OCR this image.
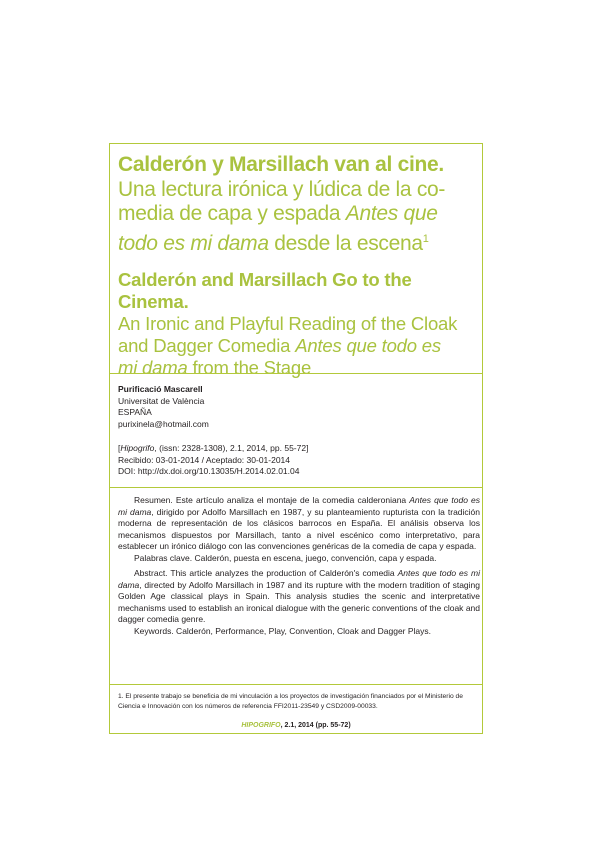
Calderón y Marsillach van al cine.
Una lectura irónica y lúdica de la co-
media de capa y espada Antes que
todo es mi dama desde la escena$^1$
Calderón and Marsillach Go to the Cinema.
An Ironic and Playful Reading of the Cloak
and Dagger Comedia Antes que todo es
mi dama from the Stage
Purificació Mascarell
Universitat de València
ESPAÑA
purixinela@hotmail.com
[Hipogrifo, (issn: 2328-1308), 2.1, 2014, pp. 55-72]
Recibido: 03-01-2014 / Aceptado: 30-01-2014
DOI: http://dx.doi.org/10.13035/H.2014.02.01.04

Resumen. Este artículo analiza el montaje de la comedia calderoniana Antes que todo es mi dama, dirigido por Adolfo Marsillach en 1987, y su planteamiento rupturista con la tradición moderna de representación de los clásicos barrocos en España. El análisis observa los mecanismos dispuestos por Marsillach, tanto a nivel escénico como interpretativo, para establecer un irónico diálogo con las convenciones genéricas de la comedia de capa y espada.

Palabras clave. Calderón, puesta en escena, juego, convención, capa y espada.

Abstract. This article analyzes the production of Calderón's comedia Antes que todo es mi dama, directed by Adolfo Marsillach in 1987 and its rupture with the modern tradition of staging Golden Age classical plays in Spain. This analysis studies the scenic and interpretative mechanisms used to establish an ironical dialogue with the generic conventions of the cloak and dagger comedia genre.

Keywords. Calderón, Performance, Play, Convention, Cloak and Dagger Plays.

1. El presente trabajo se beneficia de mi vinculación a los proyectos de investigación financiados por el Ministerio de Ciencia e Innovación con los números de referencia FFI2011-23549 y CSD2009-00033.
HIPOGRIFO, 2.1, 2014 (pp. 55-72)
